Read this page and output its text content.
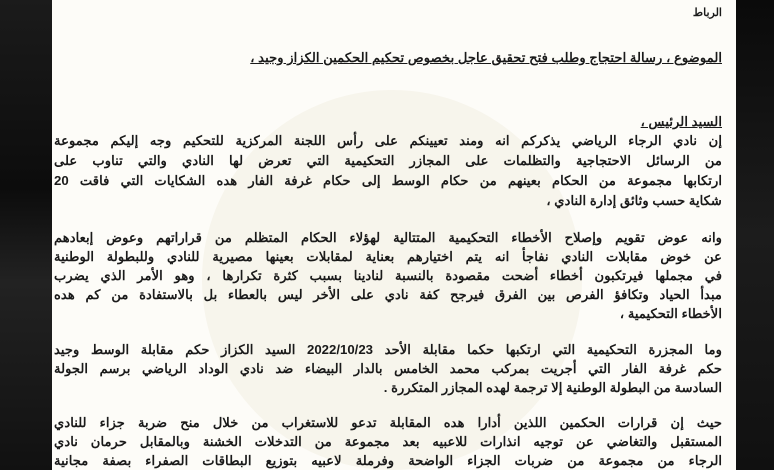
الرباط
الموضوع ، رسالة احتجاج وطلب فتح تحقيق عاجل بخصوص تحكيم الحكمين الكزاز وجيد ،
السيد الرئيس ،
إن نادي الرجاء الرياضي يذكركم انه ومند تعيينكم على رأس اللجنة المركزية للتحكيم وجه إليكم مجموعة
من الرسائل الاحتجاجية والتظلمات على المجازر التحكيمية التي تعرض لها النادي والتي تناوب على
ارتكابها مجموعة من الحكام بعينهم من حكام الوسط إلى حكام غرفة الفار هده الشكايات التي فاقت 20
شكاية حسب وثائق إدارة النادي ،
وانه عوض تقويم وإصلاح الأخطاء التحكيمية المتتالية لهؤلاء الحكام المتظلم من قراراتهم وعوض إبعادهم
عن خوض مقابلات النادي نفاجأ انه يتم اختيارهم بعناية لمقابلات بعينها مصيرية للنادي وللبطولة الوطنية
في مجملها فيرتكبون أخطاء أضحت مقصودة بالنسبة لنادينا بسبب كثرة تكرارها ، وهو الأمر الذي يضرب
مبدأ الحياد وتكافؤ الفرص بين الفرق فيرجح كفة نادي على الأخر ليس بالعطاء بل بالاستفادة من كم هده
الأخطاء التحكيمية ،
وما المجزرة التحكيمية التي ارتكبها حكما مقابلة الأحد 2022/10/23 السيد الكزاز حكم مقابلة الوسط وجيد
حكم غرفة الفار التي أجريت بمركب محمد الخامس بالدار البيضاء ضد نادي الوداد الرياضي برسم الجولة
السادسة من البطولة الوطنية إلا ترجمة لهده المجازر المتكررة .
حيث إن قرارات الحكمين اللذين أدارا هده المقابلة تدعو للاستغراب من خلال منح ضربة جزاء للنادي
المستقبل والتغاضي عن توجيه انذارات للاعبيه بعد مجموعة من التدخلات الخشنة وبالمقابل حرمان نادي
الرجاء من مجموعة من ضربات الجزاء الواضحة وفرملة لاعبيه بتوزيع البطاقات الصفراء بصفة مجانية
